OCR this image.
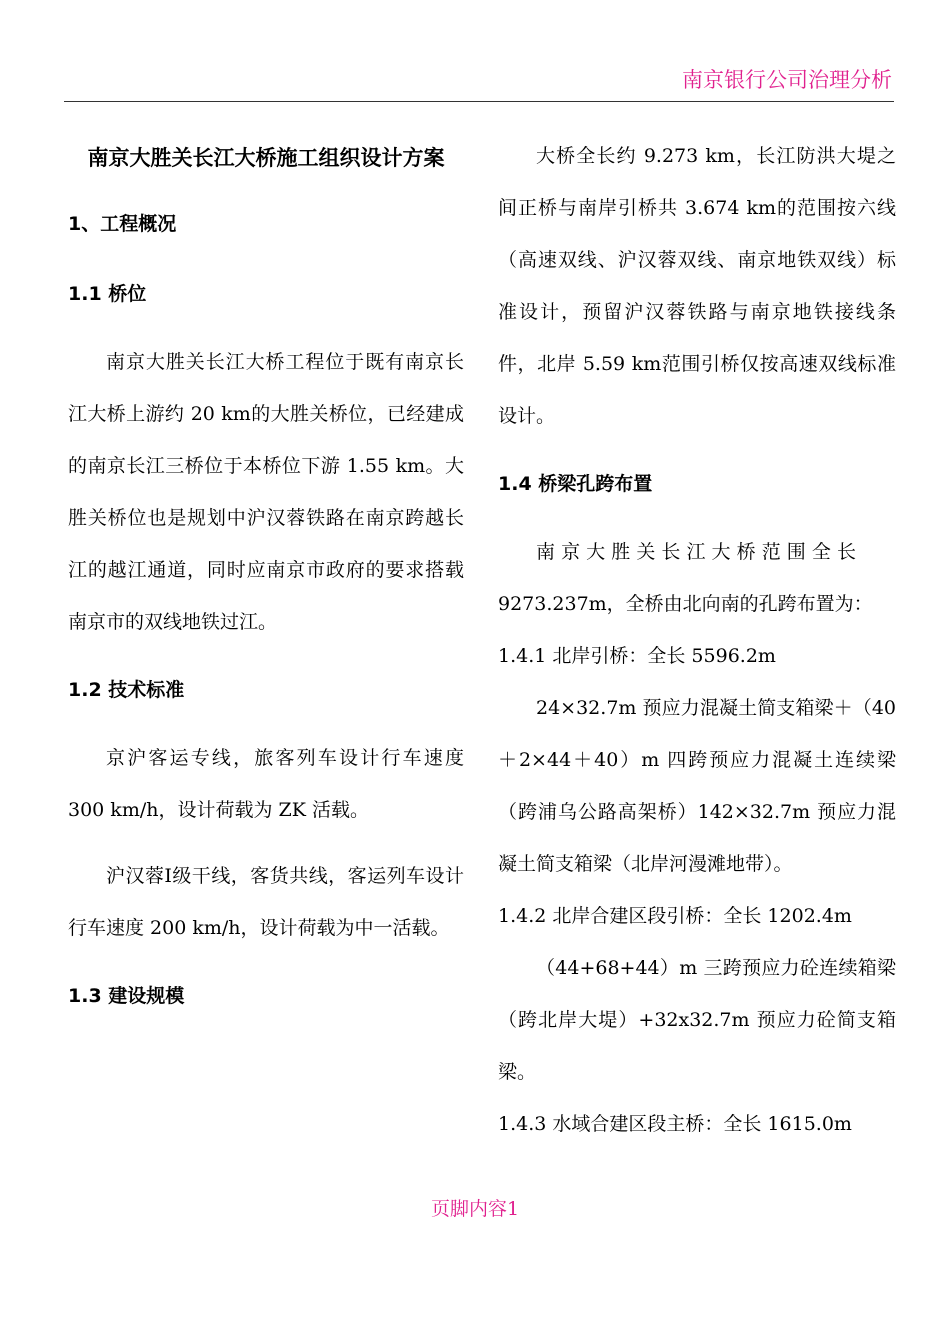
南京银行公司治理分析

南京大胜关长江大桥施工组织设计方案

1、工程概况

1.1 桥位

南京大胜关长江大桥工程位于既有南京长江大桥上游约 20 km的大胜关桥位，已经建成的南京长江三桥位于本桥位下游 1.55 km。大胜关桥位也是规划中沪汉蓉铁路在南京跨越长江的越江通道，同时应南京市政府的要求搭载南京市的双线地铁过江。

1.2 技术标准

京沪客运专线，旅客列车设计行车速度 300 km/h，设计荷载为 ZK 活载。

沪汉蓉Ⅰ级干线，客货共线，客运列车设计行车速度 200 km/h，设计荷载为中一活载。

1.3 建设规模

大桥全长约 9.273 km，长江防洪大堤之间正桥与南岸引桥共 3.674 km的范围按六线（高速双线、沪汉蓉双线、南京地铁双线）标准设计，预留沪汉蓉铁路与南京地铁接线条件，北岸 5.59 km范围引桥仅按高速双线标准设计。

1.4 桥梁孔跨布置

南京大胜关长江大桥范围全长

9273.237m，全桥由北向南的孔跨布置为：

1.4.1 北岸引桥：全长 5596.2m

24×32.7m 预应力混凝土简支箱梁＋（40＋2×44＋40）m 四跨预应力混凝土连续梁（跨浦乌公路高架桥）142×32.7m 预应力混凝土简支箱梁（北岸河漫滩地带）。

1.4.2 北岸合建区段引桥：全长 1202.4m

（44+68+44）m 三跨预应力砼连续箱梁（跨北岸大堤）+32x32.7m 预应力砼简支箱梁。

1.4.3 水域合建区段主桥：全长 1615.0m

页脚内容1
